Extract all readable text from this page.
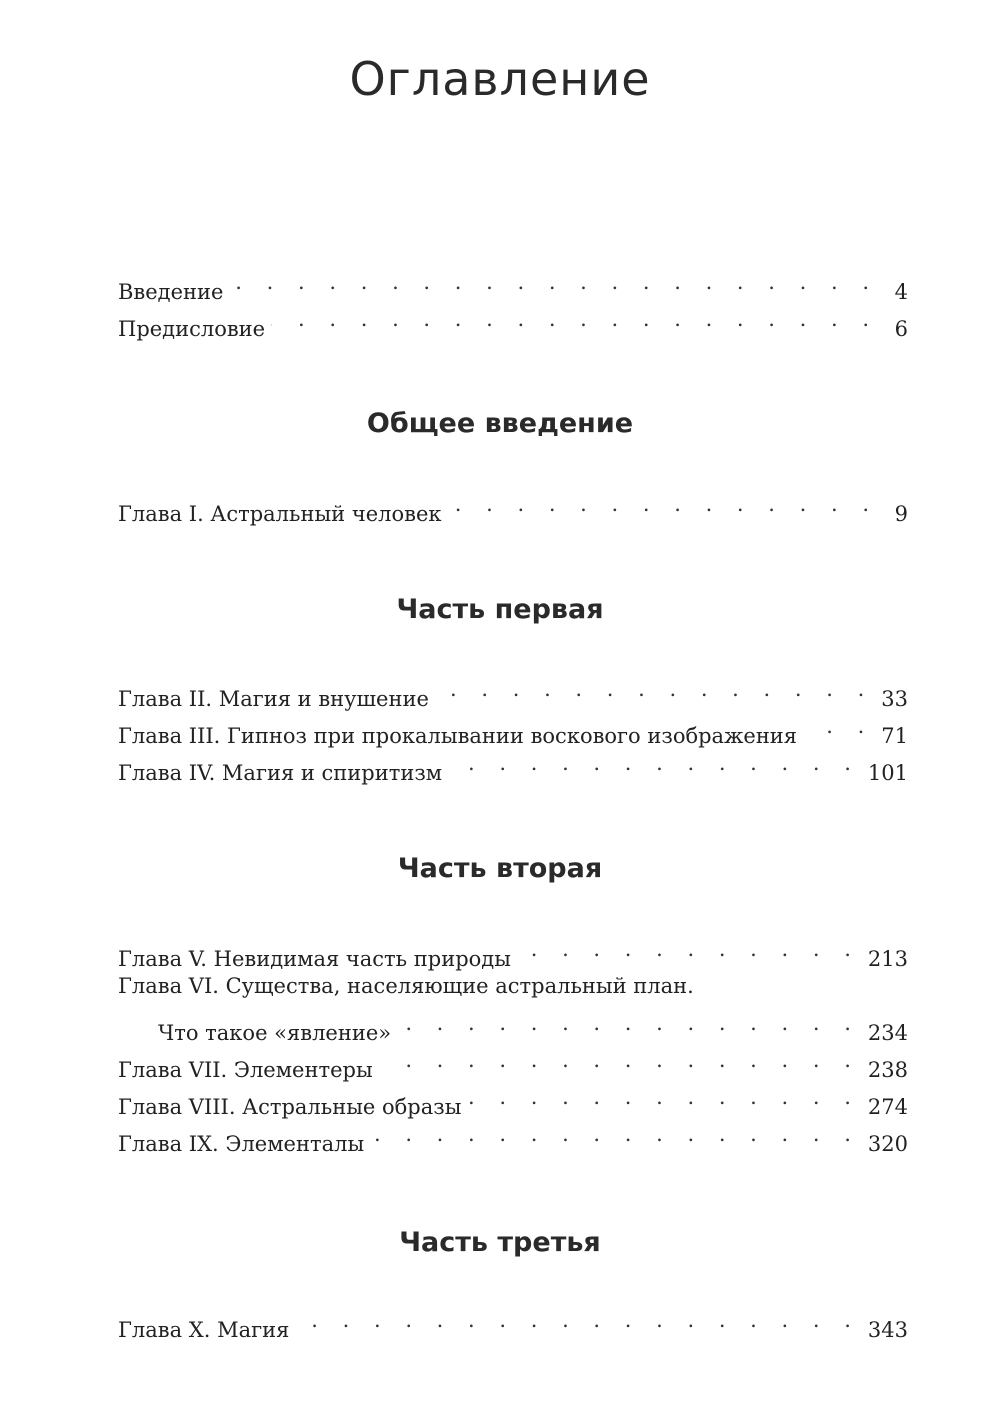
Оглавление
Введение . . .	4
Предисловие . . .	6
Общее введение
Глава I. Астральный человек . . .	9
Часть первая
Глава II. Магия и внушение . . .	33
Глава III. Гипноз при прокалывании воскового изображения . . .	71
Глава IV. Магия и спиритизм . . .	101
Часть вторая
Глава V. Невидимая часть природы . . .	213
Глава VI. Существа, населяющие астральный план.
Что такое «явление» . . .	234
Глава VII. Элементеры . . .	238
Глава VIII. Астральные образы . . .	274
Глава IX. Элементалы . . .	320
Часть третья
Глава X. Магия . . .	343
